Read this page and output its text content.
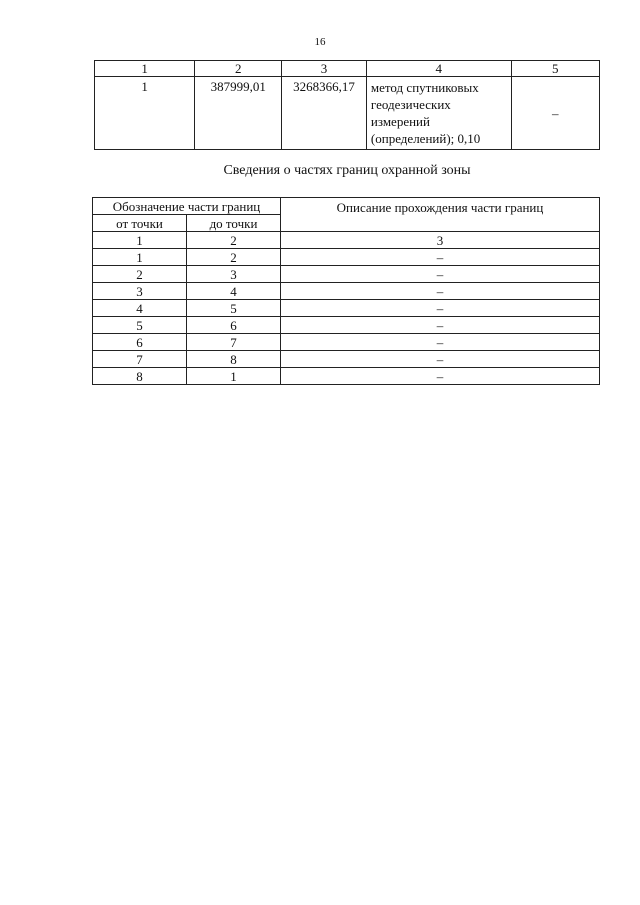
16
1	2	3	4	5
1	387999,01	3268366,17	метод спутниковых
геодезических
измерений
(определений); 0,10	–
Сведения о частях границ охранной зоны
Обозначение части границ		Описание прохождения части границ
от точки	до точки	
1	2	3
1	2	–
2	3	–
3	4	–
4	5	–
5	6	–
6	7	–
7	8	–
8	1	–
